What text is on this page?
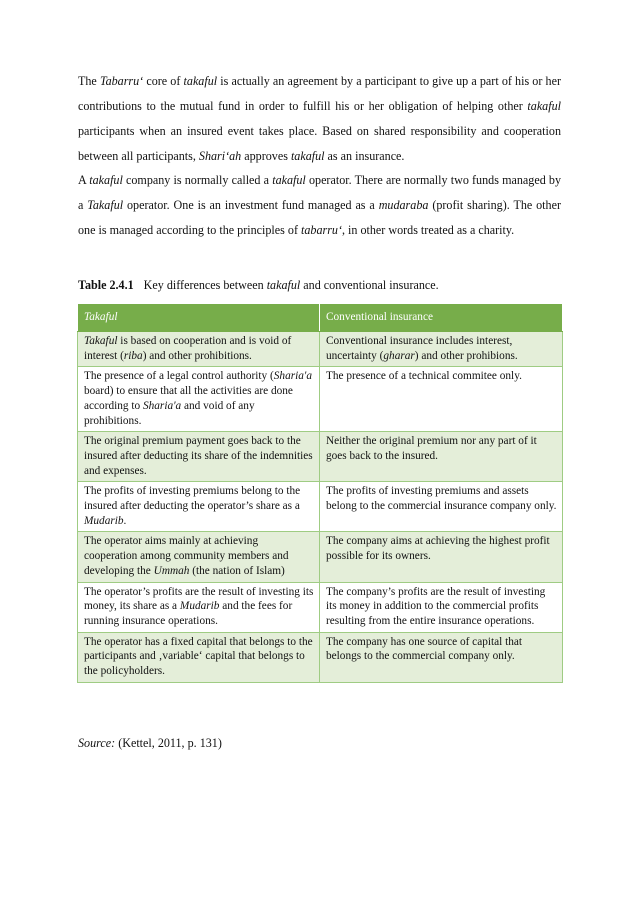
The Tabarru‘ core of takaful is actually an agreement by a participant to give up a part of his or her contributions to the mutual fund in order to fulfill his or her obligation of helping other takaful participants when an insured event takes place. Based on shared responsibility and cooperation between all participants, Shari‘ah approves takaful as an insurance.

A takaful company is normally called a takaful operator. There are normally two funds managed by a Takaful operator. One is an investment fund managed as a mudaraba (profit sharing). The other one is managed according to the principles of tabarru‘, in other words treated as a charity.

Table 2.4.1 Key differences between takaful and conventional insurance.

Takaful	Conventional insurance
Takaful is based on cooperation and is void of interest (riba) and other prohibitions.	Conventional insurance includes interest, uncertainty (gharar) and other prohibions.
The presence of a legal control authority (Sharia'a board) to ensure that all the activities are done according to Sharia'a and void of any prohibitions.	The presence of a technical commitee only.
The original premium payment goes back to the insured after deducting its share of the indemnities and expenses.	Neither the original premium nor any part of it goes back to the insured.
The profits of investing premiums belong to the insured after deducting the operator’s share as a Mudarib.	The profits of investing premiums and assets belong to the commercial insurance company only.
The operator aims mainly at achieving cooperation among community members and developing the Ummah (the nation of Islam)	The company aims at achieving the highest profit possible for its owners.
The operator’s profits are the result of investing its money, its share as a Mudarib and the fees for running insurance operations.	The company’s profits are the result of investing its money in addition to the commercial profits resulting from the entire insurance operations.
The operator has a fixed capital that belongs to the participants and ‚variable‘ capital that belongs to the policyholders.	The company has one source of capital that belongs to the commercial company only.

Source: (Kettel, 2011, p. 131)
